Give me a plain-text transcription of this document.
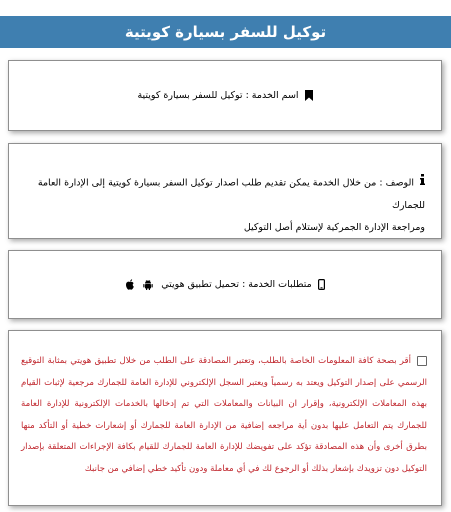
توكيل للسفر بسيارة كويتية
اسم الخدمة :
توكيل للسفر بسيارة كويتية
الوصف : من خلال الخدمة يمكن تقديم طلب اصدار توكيل السفر بسيارة كويتية إلى الإدارة العامة للجمارك
ومراجعة الإدارة الجمركية لإستلام أصل التوكيل
متطلبات الخدمة :
تحميل تطبيق هويتي
أقر بصحة كافة المعلومات الخاصة بالطلب، وتعتبر المصادقة على الطلب من خلال تطبيق هويتي بمثابة التوقيع الرسمي على إصدار التوكيل ويعتد به رسمياً ويعتبر السجل الإلكتروني للإدارة العامة للجمارك مرجعية لإثبات القيام بهذه المعاملات الإلكترونية، وإقرار ان البيانات والمعاملات التي تم إدخالها بالخدمات الإلكترونية للإدارة العامة للجمارك يتم التعامل عليها بدون أية مراجعه إضافية من الإدارة العامة للجمارك أو إشعارات خطية أو التأكد منها بطرق أخرى وأن هذه المصادقة تؤكد على تفويضك للإدارة العامة للجمارك للقيام بكافة الإجراءات المتعلقة بإصدار التوكيل دون تزويدك بإشعار بذلك أو الرجوع لك في أي معاملة ودون تأكيد خطي إضافي من جانبك
